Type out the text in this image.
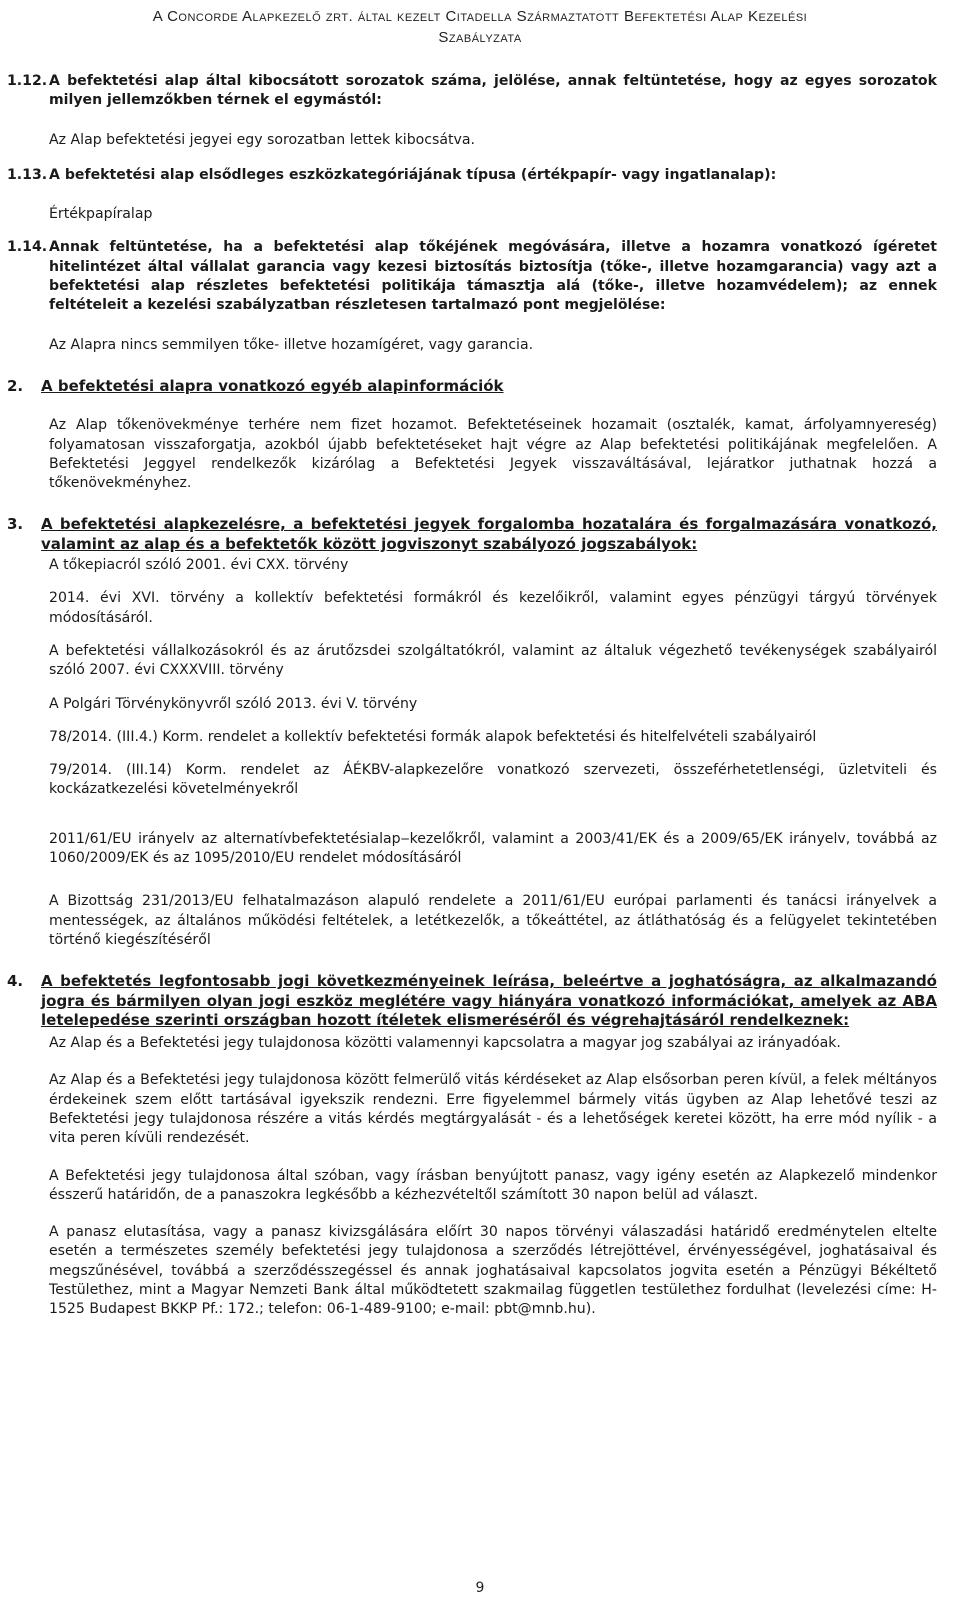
A Concorde Alapkezelő zrt. által kezelt Citadella Származtatott Befektetési Alap Kezelési
Szabályzata
1.12. A befektetési alap által kibocsátott sorozatok száma, jelölése, annak feltüntetése, hogy az egyes sorozatok milyen jellemzőkben térnek el egymástól:

Az Alap befektetési jegyei egy sorozatban lettek kibocsátva.

1.13. A befektetési alap elsődleges eszközkategóriájának típusa (értékpapír- vagy ingatlanalap):

Értékpapíralap

1.14. Annak feltüntetése, ha a befektetési alap tőkéjének megóvására, illetve a hozamra vonatkozó ígéretet hitelintézet által vállalat garancia vagy kezesi biztosítás biztosítja (tőke-, illetve hozamgarancia) vagy azt a befektetési alap részletes befektetési politikája támasztja alá (tőke-, illetve hozamvédelem); az ennek feltételeit a kezelési szabályzatban részletesen tartalmazó pont megjelölése:

Az Alapra nincs semmilyen tőke- illetve hozamígéret, vagy garancia.

2.	A befektetési alapra vonatkozó egyéb alapinformációk

Az Alap tőkenövekménye terhére nem fizet hozamot. Befektetéseinek hozamait (osztalék, kamat, árfolyamnyereség) folyamatosan visszaforgatja, azokból újabb befektetéseket hajt végre az Alap befektetési politikájának megfelelően. A Befektetési Jeggyel rendelkezők kizárólag a Befektetési Jegyek visszaváltásával, lejáratkor juthatnak hozzá a tőkenövekményhez.

3.	A befektetési alapkezelésre, a befektetési jegyek forgalomba hozatalára és forgalmazására vonatkozó, valamint az alap és a befektetők között jogviszonyt szabályozó jogszabályok:

A tőkepiacról szóló 2001. évi CXX. törvény

2014. évi XVI. törvény a kollektív befektetési formákról és kezelőikről, valamint egyes pénzügyi tárgyú törvények módosításáról.

A befektetési vállalkozásokról és az árutőzsdei szolgáltatókról, valamint az általuk végezhető tevékenységek szabályairól szóló 2007. évi CXXXVIII. törvény

A Polgári Törvénykönyvről szóló 2013. évi V. törvény

78/2014. (III.4.) Korm. rendelet a kollektív befektetési formák alapok befektetési és hitelfelvételi szabályairól

79/2014. (III.14) Korm. rendelet az ÁÉKBV-alapkezelőre vonatkozó szervezeti, összeférhetetlenségi, üzletviteli és kockázatkezelési követelményekről

2011/61/EU irányelv az alternatívbefektetésialap‒kezelőkről, valamint a 2003/41/EK és a 2009/65/EK irányelv, továbbá az 1060/2009/EK és az 1095/2010/EU rendelet módosításáról

A Bizottság 231/2013/EU felhatalmazáson alapuló rendelete a 2011/61/EU európai parlamenti és tanácsi irányelvek a mentességek, az általános működési feltételek, a letétkezelők, a tőkeáttétel, az átláthatóság és a felügyelet tekintetében történő kiegészítéséről

4.	A befektetés legfontosabb jogi következményeinek leírása, beleértve a joghatóságra, az alkalmazandó jogra és bármilyen olyan jogi eszköz meglétére vagy hiányára vonatkozó információkat, amelyek az ABA letelepedése szerinti országban hozott ítéletek elismeréséről és végrehajtásáról rendelkeznek:

Az Alap és a Befektetési jegy tulajdonosa közötti valamennyi kapcsolatra a magyar jog szabályai az irányadóak.

Az Alap és a Befektetési jegy tulajdonosa között felmerülő vitás kérdéseket az Alap elsősorban peren kívül, a felek méltányos érdekeinek szem előtt tartásával igyekszik rendezni. Erre figyelemmel bármely vitás ügyben az Alap lehetővé teszi az Befektetési jegy tulajdonosa részére a vitás kérdés megtárgyalását - és a lehetőségek keretei között, ha erre mód nyílik - a vita peren kívüli rendezését.

A Befektetési jegy tulajdonosa által szóban, vagy írásban benyújtott panasz, vagy igény esetén az Alapkezelő mindenkor ésszerű határidőn, de a panaszokra legkésőbb a kézhezvételtől számított 30 napon belül ad választ.

A panasz elutasítása, vagy a panasz kivizsgálására előírt 30 napos törvényi válaszadási határidő eredménytelen eltelte esetén a természetes személy befektetési jegy tulajdonosa a szerződés létrejöttével, érvényességével, joghatásaival és megszűnésével, továbbá a szerződésszegéssel és annak joghatásaival kapcsolatos jogvita esetén a Pénzügyi Békéltető Testülethez, mint a Magyar Nemzeti Bank által működtetett szakmailag független testülethez fordulhat (levelezési címe: H-1525 Budapest BKKP Pf.: 172.; telefon: 06-1-489-9100; e-mail: pbt@mnb.hu).

9
